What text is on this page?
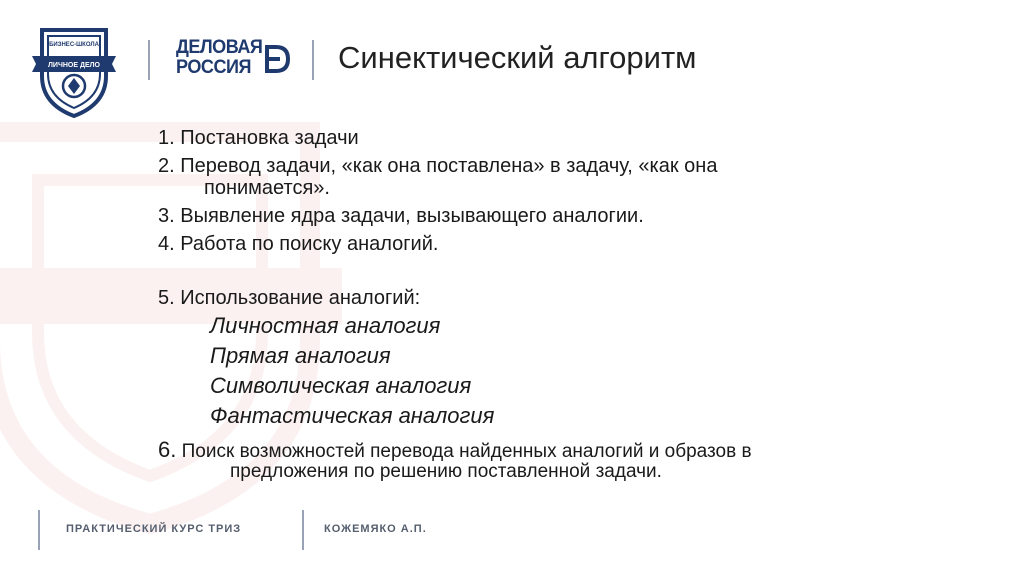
БИЗНЕС-ШКОЛА
ЛИЧНОЕ ДЕЛО
ДЕЛОВАЯ
РОССИЯ	Синектический алгоритм
1. Постановка задачи
2. Перевод задачи, «как она поставлена» в задачу, «как она
понимается».
3. Выявление ядра задачи, вызывающего аналогии.
4. Работа по поиску аналогий.
5. Использование аналогий:
Личностная аналогия
Прямая аналогия
Символическая аналогия
Фантастическая аналогия
6. Поиск возможностей перевода найденных аналогий и образов в
предложения по решению поставленной задачи.
ПРАКТИЧЕСКИЙ КУРС ТРИЗ	КОЖЕМЯКО А.П.
